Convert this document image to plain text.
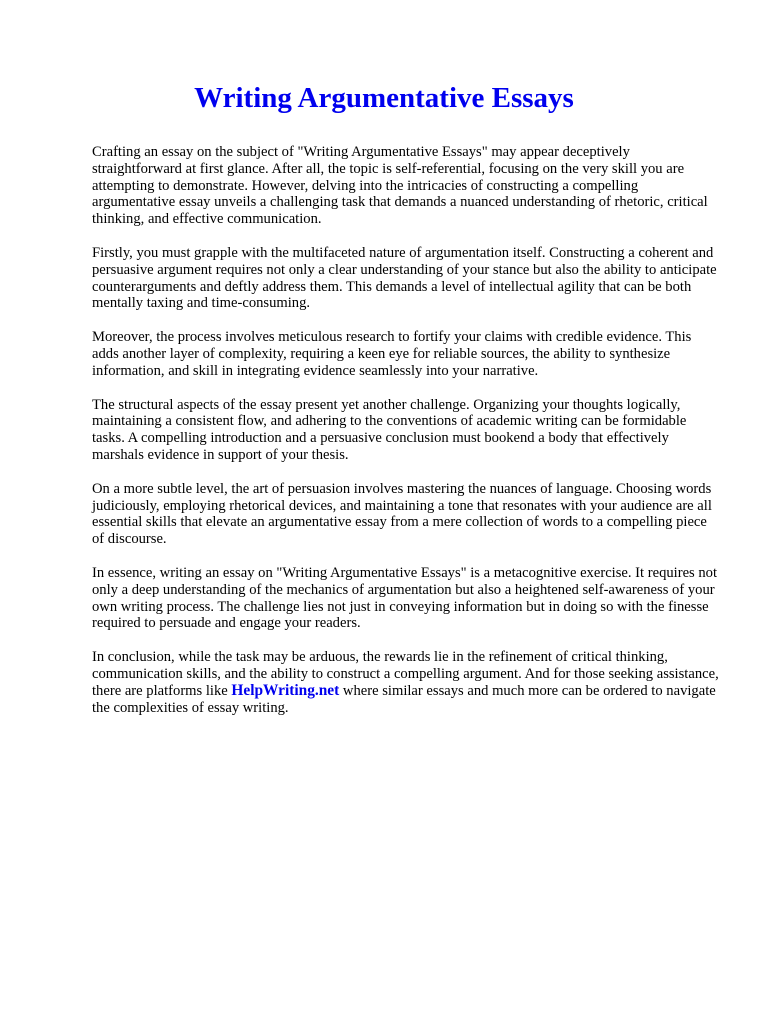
Writing Argumentative Essays

Crafting an essay on the subject of "Writing Argumentative Essays" may appear deceptively straightforward at first glance. After all, the topic is self-referential, focusing on the very skill you are attempting to demonstrate. However, delving into the intricacies of constructing a compelling argumentative essay unveils a challenging task that demands a nuanced understanding of rhetoric, critical thinking, and effective communication.

Firstly, you must grapple with the multifaceted nature of argumentation itself. Constructing a coherent and persuasive argument requires not only a clear understanding of your stance but also the ability to anticipate counterarguments and deftly address them. This demands a level of intellectual agility that can be both mentally taxing and time-consuming.

Moreover, the process involves meticulous research to fortify your claims with credible evidence. This adds another layer of complexity, requiring a keen eye for reliable sources, the ability to synthesize information, and skill in integrating evidence seamlessly into your narrative.

The structural aspects of the essay present yet another challenge. Organizing your thoughts logically, maintaining a consistent flow, and adhering to the conventions of academic writing can be formidable tasks. A compelling introduction and a persuasive conclusion must bookend a body that effectively marshals evidence in support of your thesis.

On a more subtle level, the art of persuasion involves mastering the nuances of language. Choosing words judiciously, employing rhetorical devices, and maintaining a tone that resonates with your audience are all essential skills that elevate an argumentative essay from a mere collection of words to a compelling piece of discourse.

In essence, writing an essay on "Writing Argumentative Essays" is a metacognitive exercise. It requires not only a deep understanding of the mechanics of argumentation but also a heightened self-awareness of your own writing process. The challenge lies not just in conveying information but in doing so with the finesse required to persuade and engage your readers.

In conclusion, while the task may be arduous, the rewards lie in the refinement of critical thinking, communication skills, and the ability to construct a compelling argument. And for those seeking assistance, there are platforms like HelpWriting.net where similar essays and much more can be ordered to navigate the complexities of essay writing.
